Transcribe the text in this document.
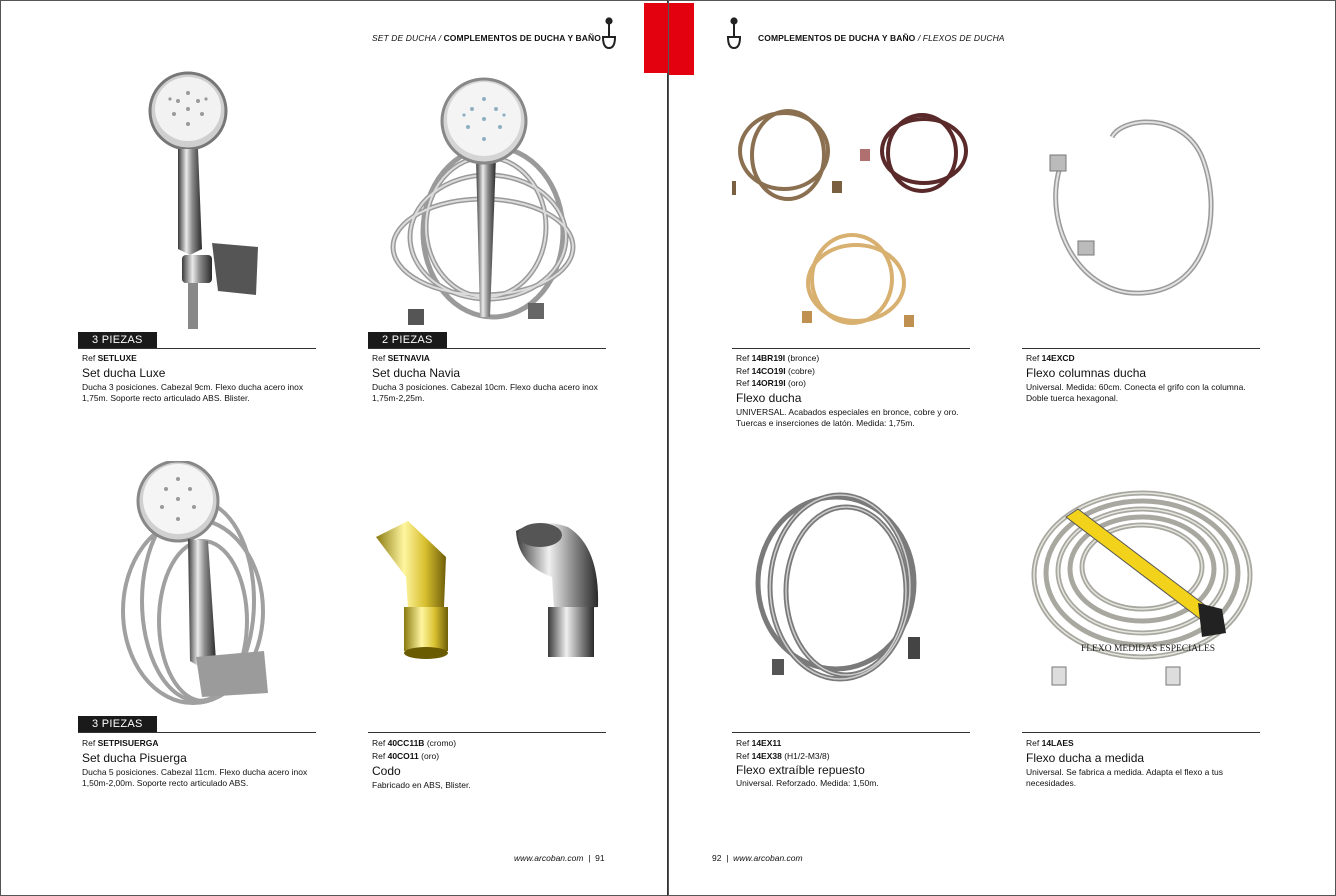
SET DE DUCHA / COMPLEMENTOS DE DUCHA Y BAÑO
3 PIEZAS
Ref SETLUXE
Set ducha Luxe
Ducha 3 posiciones. Cabezal 9cm. Flexo ducha acero inox 1,75m. Soporte recto articulado ABS. Blister.
2 PIEZAS
Ref SETNAVIA
Set ducha Navia
Ducha 3 posiciones. Cabezal 10cm. Flexo ducha acero inox 1,75m-2,25m.
3 PIEZAS
Ref SETPISUERGA
Set ducha Pisuerga
Ducha 5 posiciones. Cabezal 11cm. Flexo ducha acero inox 1,50m-2,00m. Soporte recto articulado ABS.
Ref 40CC11B (cromo)
Ref 40CO11 (oro)
Codo
Fabricado en ABS, Blister.
www.arcoban.com | 91
COMPLEMENTOS DE DUCHA Y BAÑO / FLEXOS DE DUCHA
Ref 14BR19I (bronce)
Ref 14CO19I (cobre)
Ref 14OR19I (oro)
Flexo ducha
UNIVERSAL. Acabados especiales en bronce, cobre y oro. Tuercas e inserciones de latón. Medida: 1,75m.
Ref 14EXCD
Flexo columnas ducha
Universal. Medida: 60cm. Conecta el grifo con la columna. Doble tuerca hexagonal.
Ref 14EX11
Ref 14EX38 (H1/2-M3/8)
Flexo extraíble repuesto
Universal. Reforzado. Medida: 1,50m.
FLEXO MEDIDAS ESPECIALES
Ref 14LAES
Flexo ducha a medida
Universal. Se fabrica a medida. Adapta el flexo a tus necesidades.
92 | www.arcoban.com
